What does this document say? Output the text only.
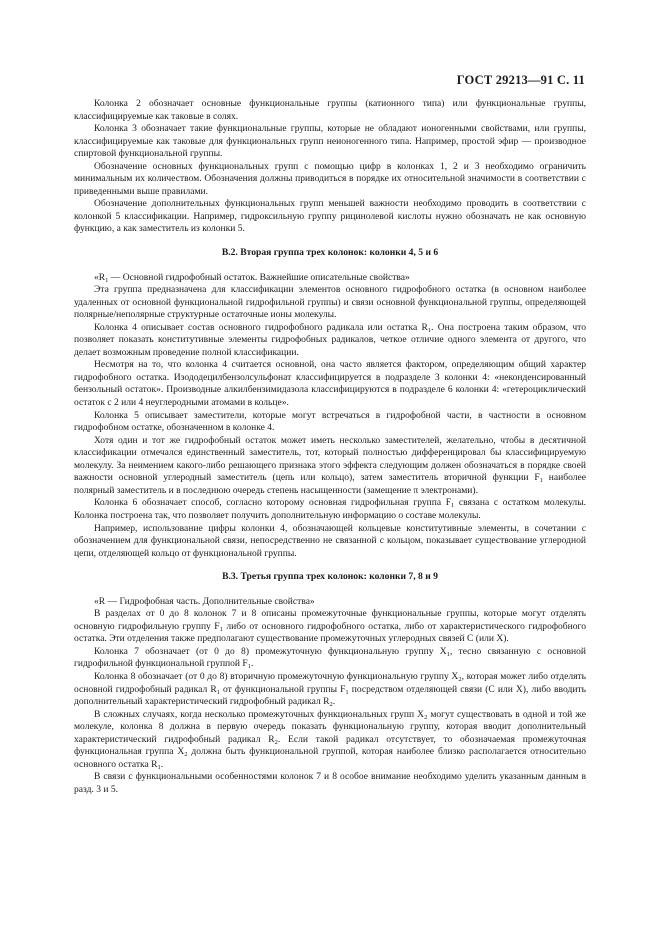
ГОСТ 29213—91 С. 11

Колонка 2 обозначает основные функциональные группы (катионного типа) или функциональные группы, классифицируемые как таковые в солях.

Колонка 3 обозначает такие функциональные группы, которые не обладают ионогенными свойствами, или группы, классифицируемые как таковые для функциональных групп неионогенного типа. Например, простой эфир — производное спиртовой функциональной группы.

Обозначение основных функциональных групп с помощью цифр в колонках 1, 2 и 3 необходимо ограничить минимальным их количеством. Обозначения должны приводиться в порядке их относительной значимости в соответствии с приведенными выше правилами.

Обозначение дополнительных функциональных групп меньшей важности необходимо проводить в соответствии с колонкой 5 классификации. Например, гидроксильную группу рицинолевой кислоты нужно обозначать не как основную функцию, а как заместитель из колонки 5.

В.2. Вторая группа трех колонок: колонки 4, 5 и 6

«$R_1$ — Основной гидрофобный остаток. Важнейшие описательные свойства»

Эта группа предназначена для классификации элементов основного гидрофобного остатка (в основном наиболее удаленных от основной функциональной гидрофильной группы) и связи основной функциональной группы, определяющей полярные/неполярные структурные остаточные ионы молекулы.

Колонка 4 описывает состав основного гидрофобного радикала или остатка $R_1$. Она построена таким образом, что позволяет показать конститутивные элементы гидрофобных радикалов, четкое отличие одного элемента от другого, что делает возможным проведение полной классификации.

Несмотря на то, что колонка 4 считается основной, она часто является фактором, определяющим общий характер гидрофобного остатка. Изододецилбензолсульфонат классифицируется в подразделе 3 колонки 4: «неконденсированный бензольный остаток». Производные алкилбензимидазола классифицируются в подразделе 6 колонки 4: «гетероциклический остаток с 2 или 4 неуглеродными атомами в кольце».

Колонка 5 описывает заместители, которые могут встречаться в гидрофобной части, в частности в основном гидрофобном остатке, обозначенном в колонке 4.

Хотя один и тот же гидрофобный остаток может иметь несколько заместителей, желательно, чтобы в десятичной классификации отмечался единственный заместитель, тот, который полностью дифференцировал бы классифицируемую молекулу. За неимением какого-либо решающего признака этого эффекта следующим должен обозначаться в порядке своей важности основной углеродный заместитель (цепь или кольцо), затем заместитель вторичной функции $F_1$ наиболее полярный заместитель и в последнюю очередь степень насыщенности (замещение π электронами).

Колонка 6 обозначает способ, согласно которому основная гидрофильная группа $F_1$ связана с остатком молекулы. Колонка построена так, что позволяет получить дополнительную информацию о составе молекулы.

Например, использование цифры колонки 4, обозначающей кольцевые конститутивные элементы, в сочетании с обозначением для функциональной связи, непосредственно не связанной с кольцом, показывает существование углеродной цепи, отделяющей кольцо от функциональной группы.

В.3. Третья группа трех колонок: колонки 7, 8 и 9

«R — Гидрофобная часть. Дополнительные свойства»

В разделах от 0 до 8 колонок 7 и 8 описаны промежуточные функциональные группы, которые могут отделять основную гидрофильную группу $F_1$ либо от основного гидрофобного остатка, либо от характеристического гидрофобного остатка. Эти отделения также предполагают существование промежуточных углеродных связей С (или Х).

Колонка 7 обозначает (от 0 до 8) промежуточную функциональную группу $X_1$, тесно связанную с основной гидрофильной функциональной группой $F_1$.

Колонка 8 обозначает (от 0 до 8) вторичную промежуточную функциональную группу $X_2$, которая может либо отделять основной гидрофобный радикал $R_1$ от функциональной группы $F_1$ посредством отделяющей связи (С или Х), либо вводить дополнительный характеристический гидрофобный радикал $R_2$.

В сложных случаях, когда несколько промежуточных функциональных групп $X_2$ могут существовать в одной и той же молекуле, колонка 8 должна в первую очередь показать функциональную группу, которая вводит дополнительный характеристический гидрофобный радикал $R_2$. Если такой радикал отсутствует, то обозначаемая промежуточная функциональная группа $X_2$ должна быть функциональной группой, которая наиболее близко располагается относительно основного остатка $R_1$.

В связи с функциональными особенностями колонок 7 и 8 особое внимание необходимо уделить указанным данным в разд. 3 и 5.
